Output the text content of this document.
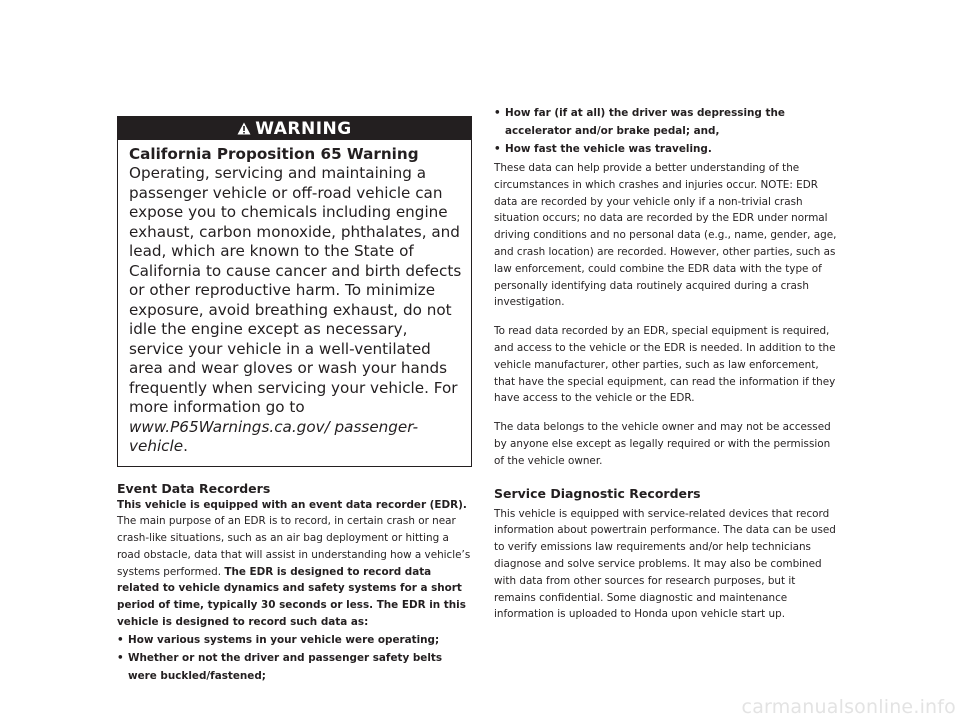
WARNING
California Proposition 65 Warning
Operating, servicing and maintaining a passenger vehicle or off-road vehicle can expose you to chemicals including engine exhaust, carbon monoxide, phthalates, and lead, which are known to the State of California to cause cancer and birth defects or other reproductive harm. To minimize exposure, avoid breathing exhaust, do not idle the engine except as necessary, service your vehicle in a well-ventilated area and wear gloves or wash your hands frequently when servicing your vehicle. For more information go to www.P65Warnings.ca.gov/ passenger-vehicle.
Event Data Recorders

This vehicle is equipped with an event data recorder (EDR). The main purpose of an EDR is to record, in certain crash or near crash-like situations, such as an air bag deployment or hitting a road obstacle, data that will assist in understanding how a vehicle’s systems performed. The EDR is designed to record data related to vehicle dynamics and safety systems for a short period of time, typically 30 seconds or less. The EDR in this vehicle is designed to record such data as:

• How various systems in your vehicle were operating;
• Whether or not the driver and passenger safety belts were buckled/fastened;
• How far (if at all) the driver was depressing the accelerator and/or brake pedal; and,
• How fast the vehicle was traveling.

These data can help provide a better understanding of the circumstances in which crashes and injuries occur. NOTE: EDR data are recorded by your vehicle only if a non-trivial crash situation occurs; no data are recorded by the EDR under normal driving conditions and no personal data (e.g., name, gender, age, and crash location) are recorded. However, other parties, such as law enforcement, could combine the EDR data with the type of personally identifying data routinely acquired during a crash investigation.

To read data recorded by an EDR, special equipment is required, and access to the vehicle or the EDR is needed. In addition to the vehicle manufacturer, other parties, such as law enforcement, that have the special equipment, can read the information if they have access to the vehicle or the EDR.

The data belongs to the vehicle owner and may not be accessed by anyone else except as legally required or with the permission of the vehicle owner.

Service Diagnostic Recorders

This vehicle is equipped with service-related devices that record information about powertrain performance. The data can be used to verify emissions law requirements and/or help technicians diagnose and solve service problems. It may also be combined with data from other sources for research purposes, but it remains confidential. Some diagnostic and maintenance information is uploaded to Honda upon vehicle start up.

carmanualsonline.info
